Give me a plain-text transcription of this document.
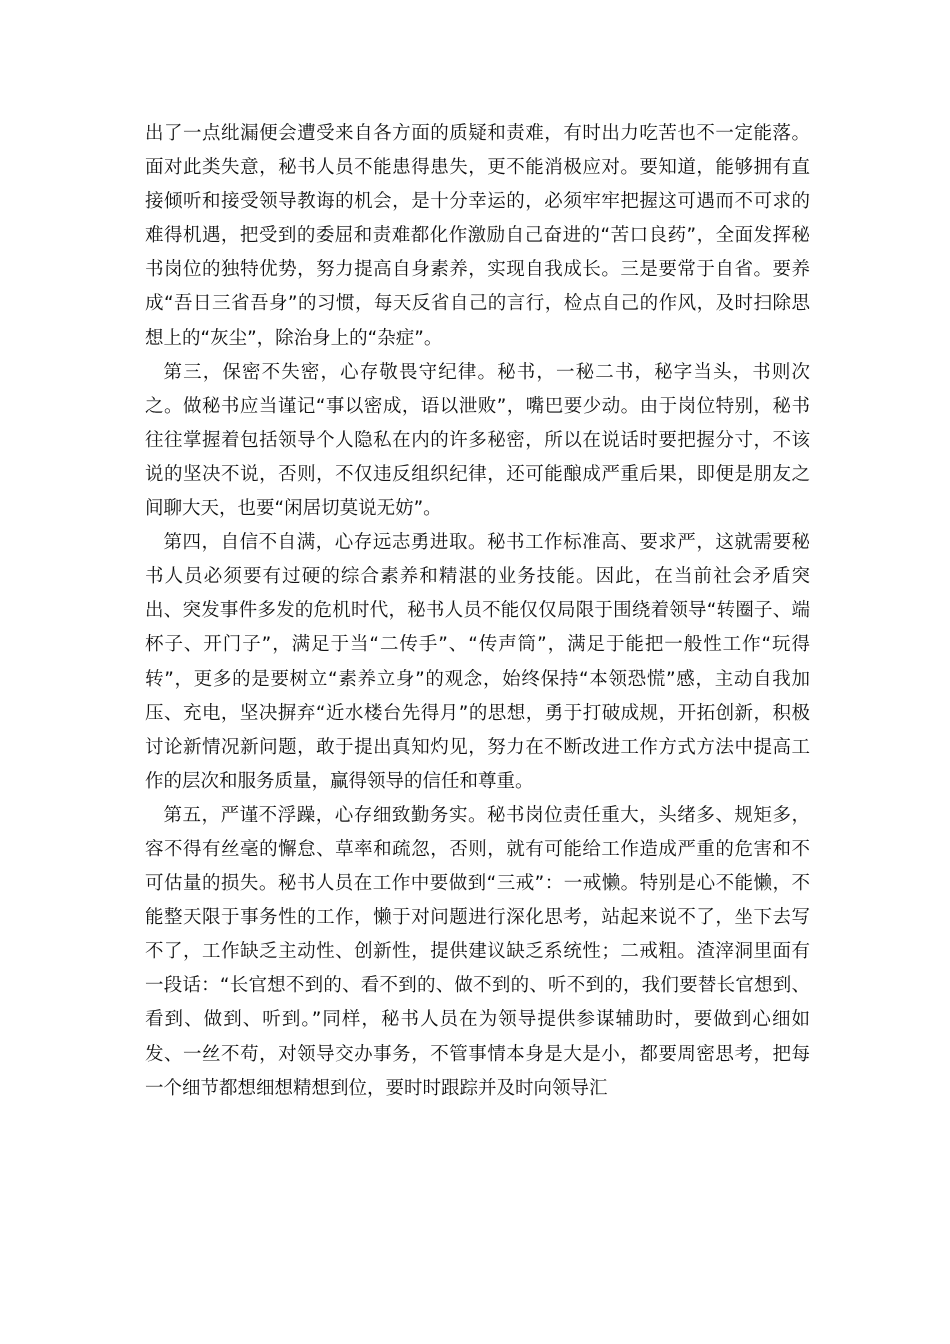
出了一点纰漏便会遭受来自各方面的质疑和责难，有时出力吃苦也不一定能落。面对此类失意，秘书人员不能患得患失，更不能消极应对。要知道，能够拥有直接倾听和接受领导教诲的机会，是十分幸运的，必须牢牢把握这可遇而不可求的难得机遇，把受到的委屈和责难都化作激励自己奋进的“苦口良药”，全面发挥秘书岗位的独特优势，努力提高自身素养，实现自我成长。三是要常于自省。要养成“吾日三省吾身”的习惯，每天反省自己的言行，检点自己的作风，及时扫除思想上的“灰尘”，除治身上的“杂症”。

第三，保密不失密，心存敬畏守纪律。秘书，一秘二书，秘字当头，书则次之。做秘书应当谨记“事以密成，语以泄败”，嘴巴要少动。由于岗位特别，秘书往往掌握着包括领导个人隐私在内的许多秘密，所以在说话时要把握分寸，不该说的坚决不说，否则，不仅违反组织纪律，还可能酿成严重后果，即便是朋友之间聊大天，也要“闲居切莫说无妨”。

第四，自信不自满，心存远志勇进取。秘书工作标准高、要求严，这就需要秘书人员必须要有过硬的综合素养和精湛的业务技能。因此，在当前社会矛盾突出、突发事件多发的危机时代，秘书人员不能仅仅局限于围绕着领导“转圈子、端杯子、开门子”，满足于当“二传手”、“传声筒”，满足于能把一般性工作“玩得转”，更多的是要树立“素养立身”的观念，始终保持“本领恐慌”感，主动自我加压、充电，坚决摒弃“近水楼台先得月”的思想，勇于打破成规，开拓创新，积极讨论新情况新问题，敢于提出真知灼见，努力在不断改进工作方式方法中提高工作的层次和服务质量，赢得领导的信任和尊重。

第五，严谨不浮躁，心存细致勤务实。秘书岗位责任重大，头绪多、规矩多，容不得有丝毫的懈怠、草率和疏忽，否则，就有可能给工作造成严重的危害和不可估量的损失。秘书人员在工作中要做到“三戒”：一戒懒。特别是心不能懒，不能整天限于事务性的工作，懒于对问题进行深化思考，站起来说不了，坐下去写不了，工作缺乏主动性、创新性，提供建议缺乏系统性；二戒粗。渣滓洞里面有一段话：“长官想不到的、看不到的、做不到的、听不到的，我们要替长官想到、看到、做到、听到。”同样，秘书人员在为领导提供参谋辅助时，要做到心细如发、一丝不苟，对领导交办事务，不管事情本身是大是小，都要周密思考，把每一个细节都想细想精想到位，要时时跟踪并及时向领导汇
